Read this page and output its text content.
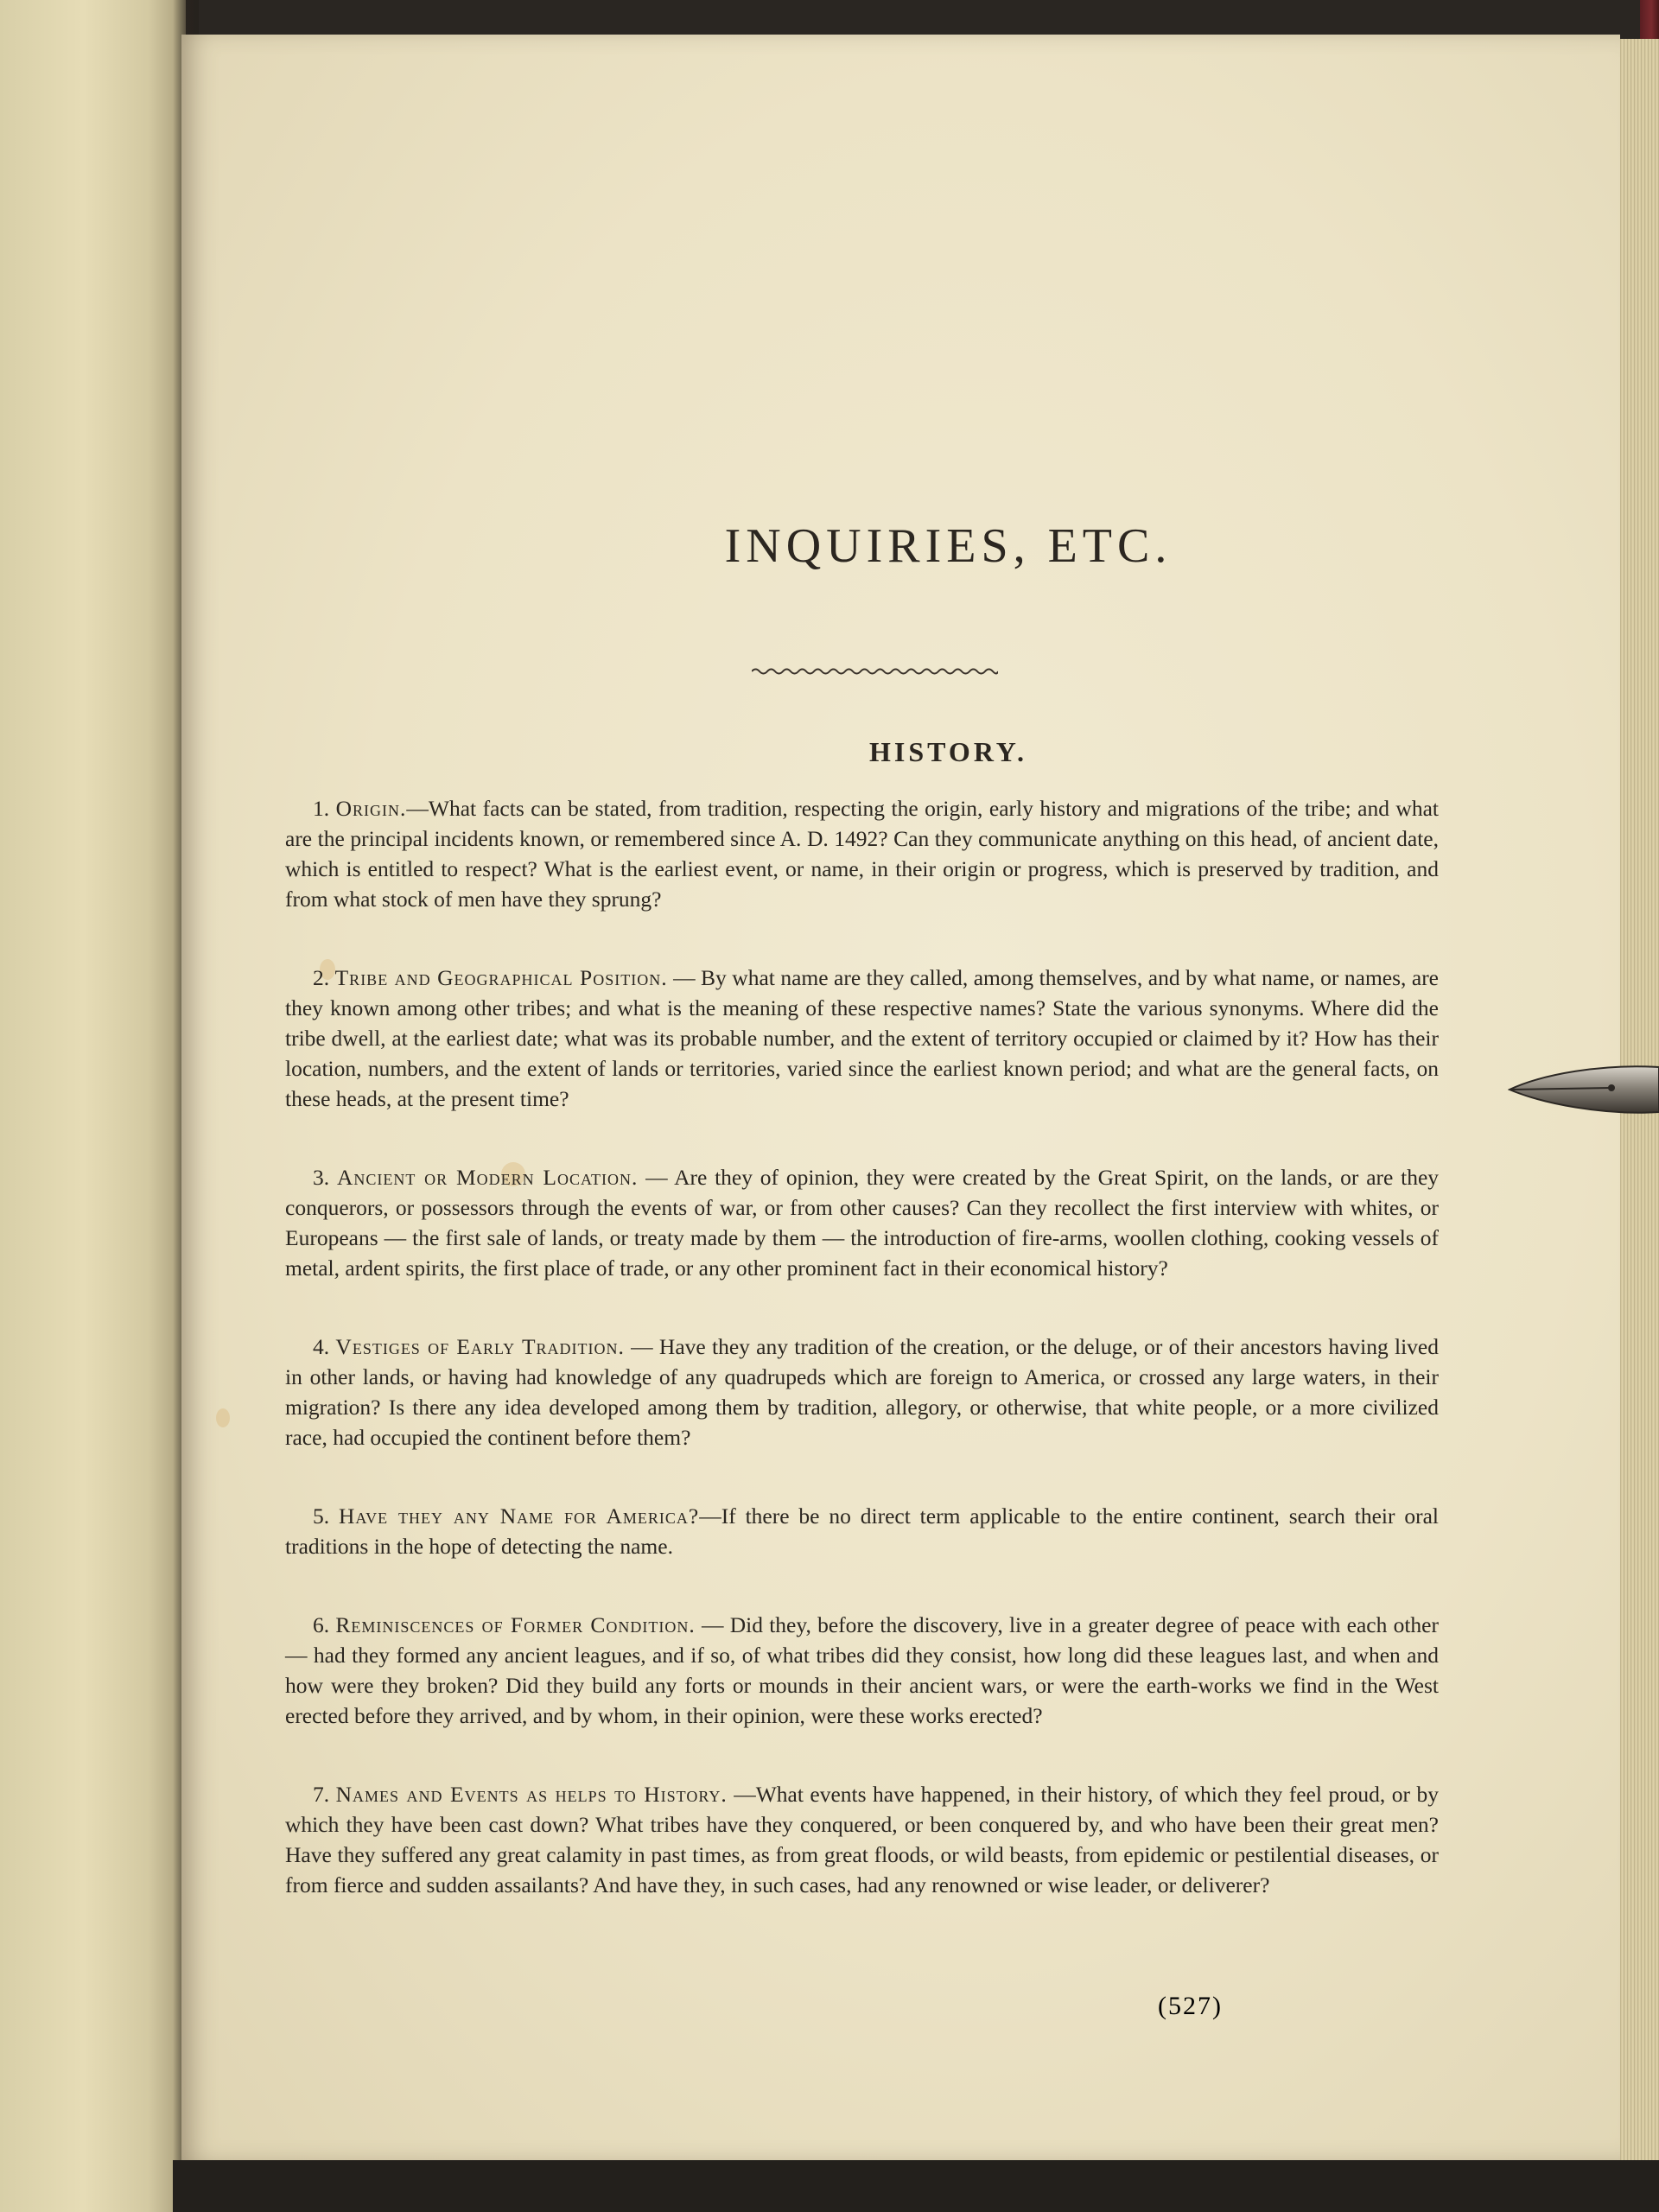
INQUIRIES, ETC.
HISTORY.

1. Origin.—What facts can be stated, from tradition, respecting the origin, early history and migrations of the tribe; and what are the principal incidents known, or remembered since A. D. 1492? Can they communicate anything on this head, of ancient date, which is entitled to respect? What is the earliest event, or name, in their origin or progress, which is preserved by tradition, and from what stock of men have they sprung?

2. Tribe and Geographical Position. — By what name are they called, among themselves, and by what name, or names, are they known among other tribes; and what is the meaning of these respective names? State the various synonyms. Where did the tribe dwell, at the earliest date; what was its probable number, and the extent of territory occupied or claimed by it? How has their location, numbers, and the extent of lands or territories, varied since the earliest known period; and what are the general facts, on these heads, at the present time?

3. Ancient or Modern Location. — Are they of opinion, they were created by the Great Spirit, on the lands, or are they conquerors, or possessors through the events of war, or from other causes? Can they recollect the first interview with whites, or Europeans — the first sale of lands, or treaty made by them — the introduction of fire-arms, woollen clothing, cooking vessels of metal, ardent spirits, the first place of trade, or any other prominent fact in their economical history?

4. Vestiges of Early Tradition. — Have they any tradition of the creation, or the deluge, or of their ancestors having lived in other lands, or having had knowledge of any quadrupeds which are foreign to America, or crossed any large waters, in their migration? Is there any idea developed among them by tradition, allegory, or otherwise, that white people, or a more civilized race, had occupied the continent before them?

5. Have they any Name for America?—If there be no direct term applicable to the entire continent, search their oral traditions in the hope of detecting the name.

6. Reminiscences of Former Condition. — Did they, before the discovery, live in a greater degree of peace with each other — had they formed any ancient leagues, and if so, of what tribes did they consist, how long did these leagues last, and when and how were they broken? Did they build any forts or mounds in their ancient wars, or were the earth-works we find in the West erected before they arrived, and by whom, in their opinion, were these works erected?

7. Names and Events as helps to History. —What events have happened, in their history, of which they feel proud, or by which they have been cast down? What tribes have they conquered, or been conquered by, and who have been their great men? Have they suffered any great calamity in past times, as from great floods, or wild beasts, from epidemic or pestilential diseases, or from fierce and sudden assailants? And have they, in such cases, had any renowned or wise leader, or deliverer?

(527)
